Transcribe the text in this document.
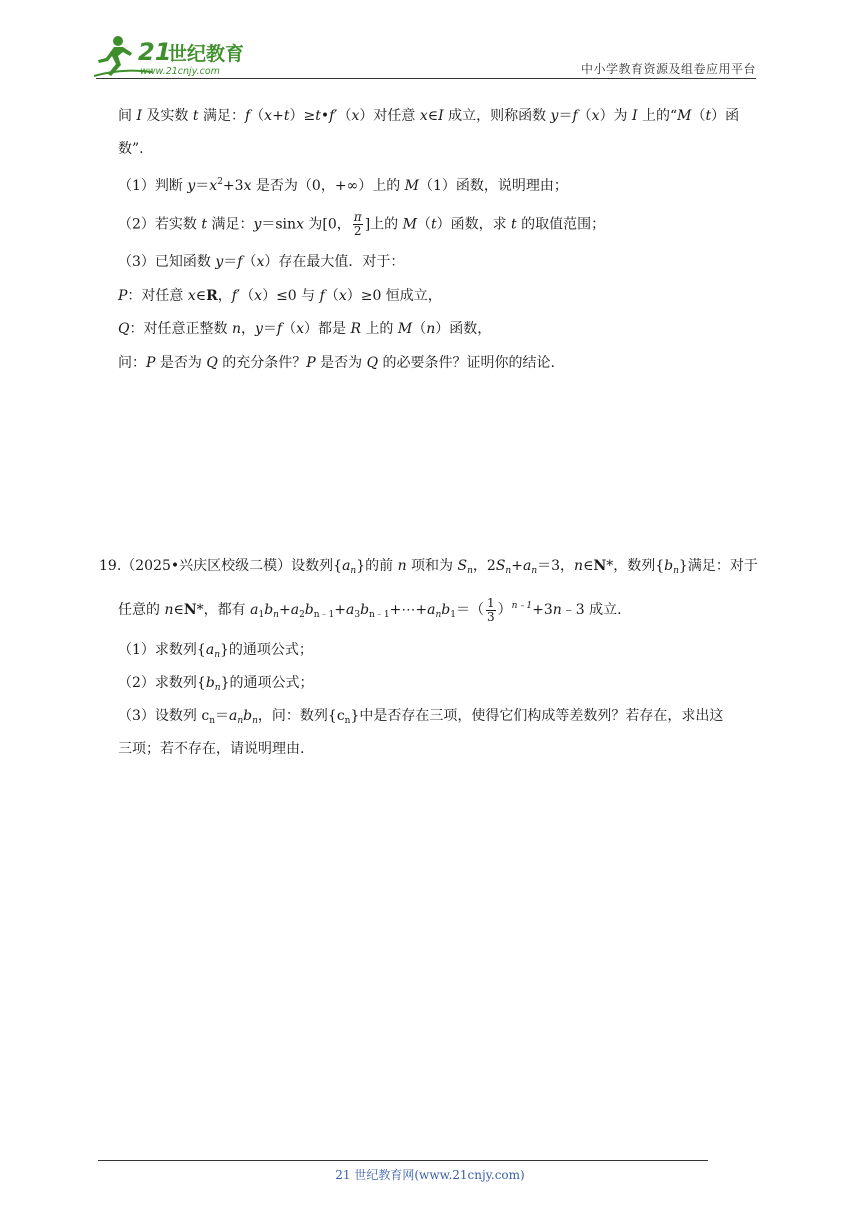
21
世纪教育
www.21cnjy.com	中小学教育资源及组卷应用平台
间 I 及实数 t 满足：f（x+t）≥t•f′（x）对任意 x∈I 成立，则称函数 y＝f（x）为 I 上的“M（t）函
数”.
（1）判断 $y=x^2+3x$ 是否为（0，+∞）上的 M（1）函数，说明理由；
（2）若实数 t 满足：y＝sinx 为[0， $\frac{\pi}{2}$ ]上的 M（t）函数，求 t 的取值范围；
（3）已知函数 y＝f（x）存在最大值．对于：
P：对任意 x∈R，f′（x）≤0 与 f（x）≥0 恒成立，
Q：对任意正整数 n，y＝f（x）都是 R 上的 M（n）函数，
问：P 是否为 Q 的充分条件？P 是否为 Q 的必要条件？证明你的结论.
19.（2025•兴庆区校级二模）设数列$\{a_n\}$的前 n 项和为 $S_n$，$2S_n+a_n=3$，n∈N*，数列$\{b_n\}$满足：对于
任意的 n∈N*，都有 $a_1b_n+a_2b_{n﹣1}+a_3b_{n﹣1}+\cdots+a_nb_1=( \frac{1}{3}$ ）$^{n﹣1}$+3n﹣3 成立.
（1）求数列$\{a_n\}$的通项公式；
（2）求数列$\{b_n\}$的通项公式；
（3）设数列 $c_n=a_nb_n$，问：数列$\{c_n\}$中是否存在三项，使得它们构成等差数列？若存在，求出这
三项；若不存在，请说明理由.
21 世纪教育网(www.21cnjy.com)
